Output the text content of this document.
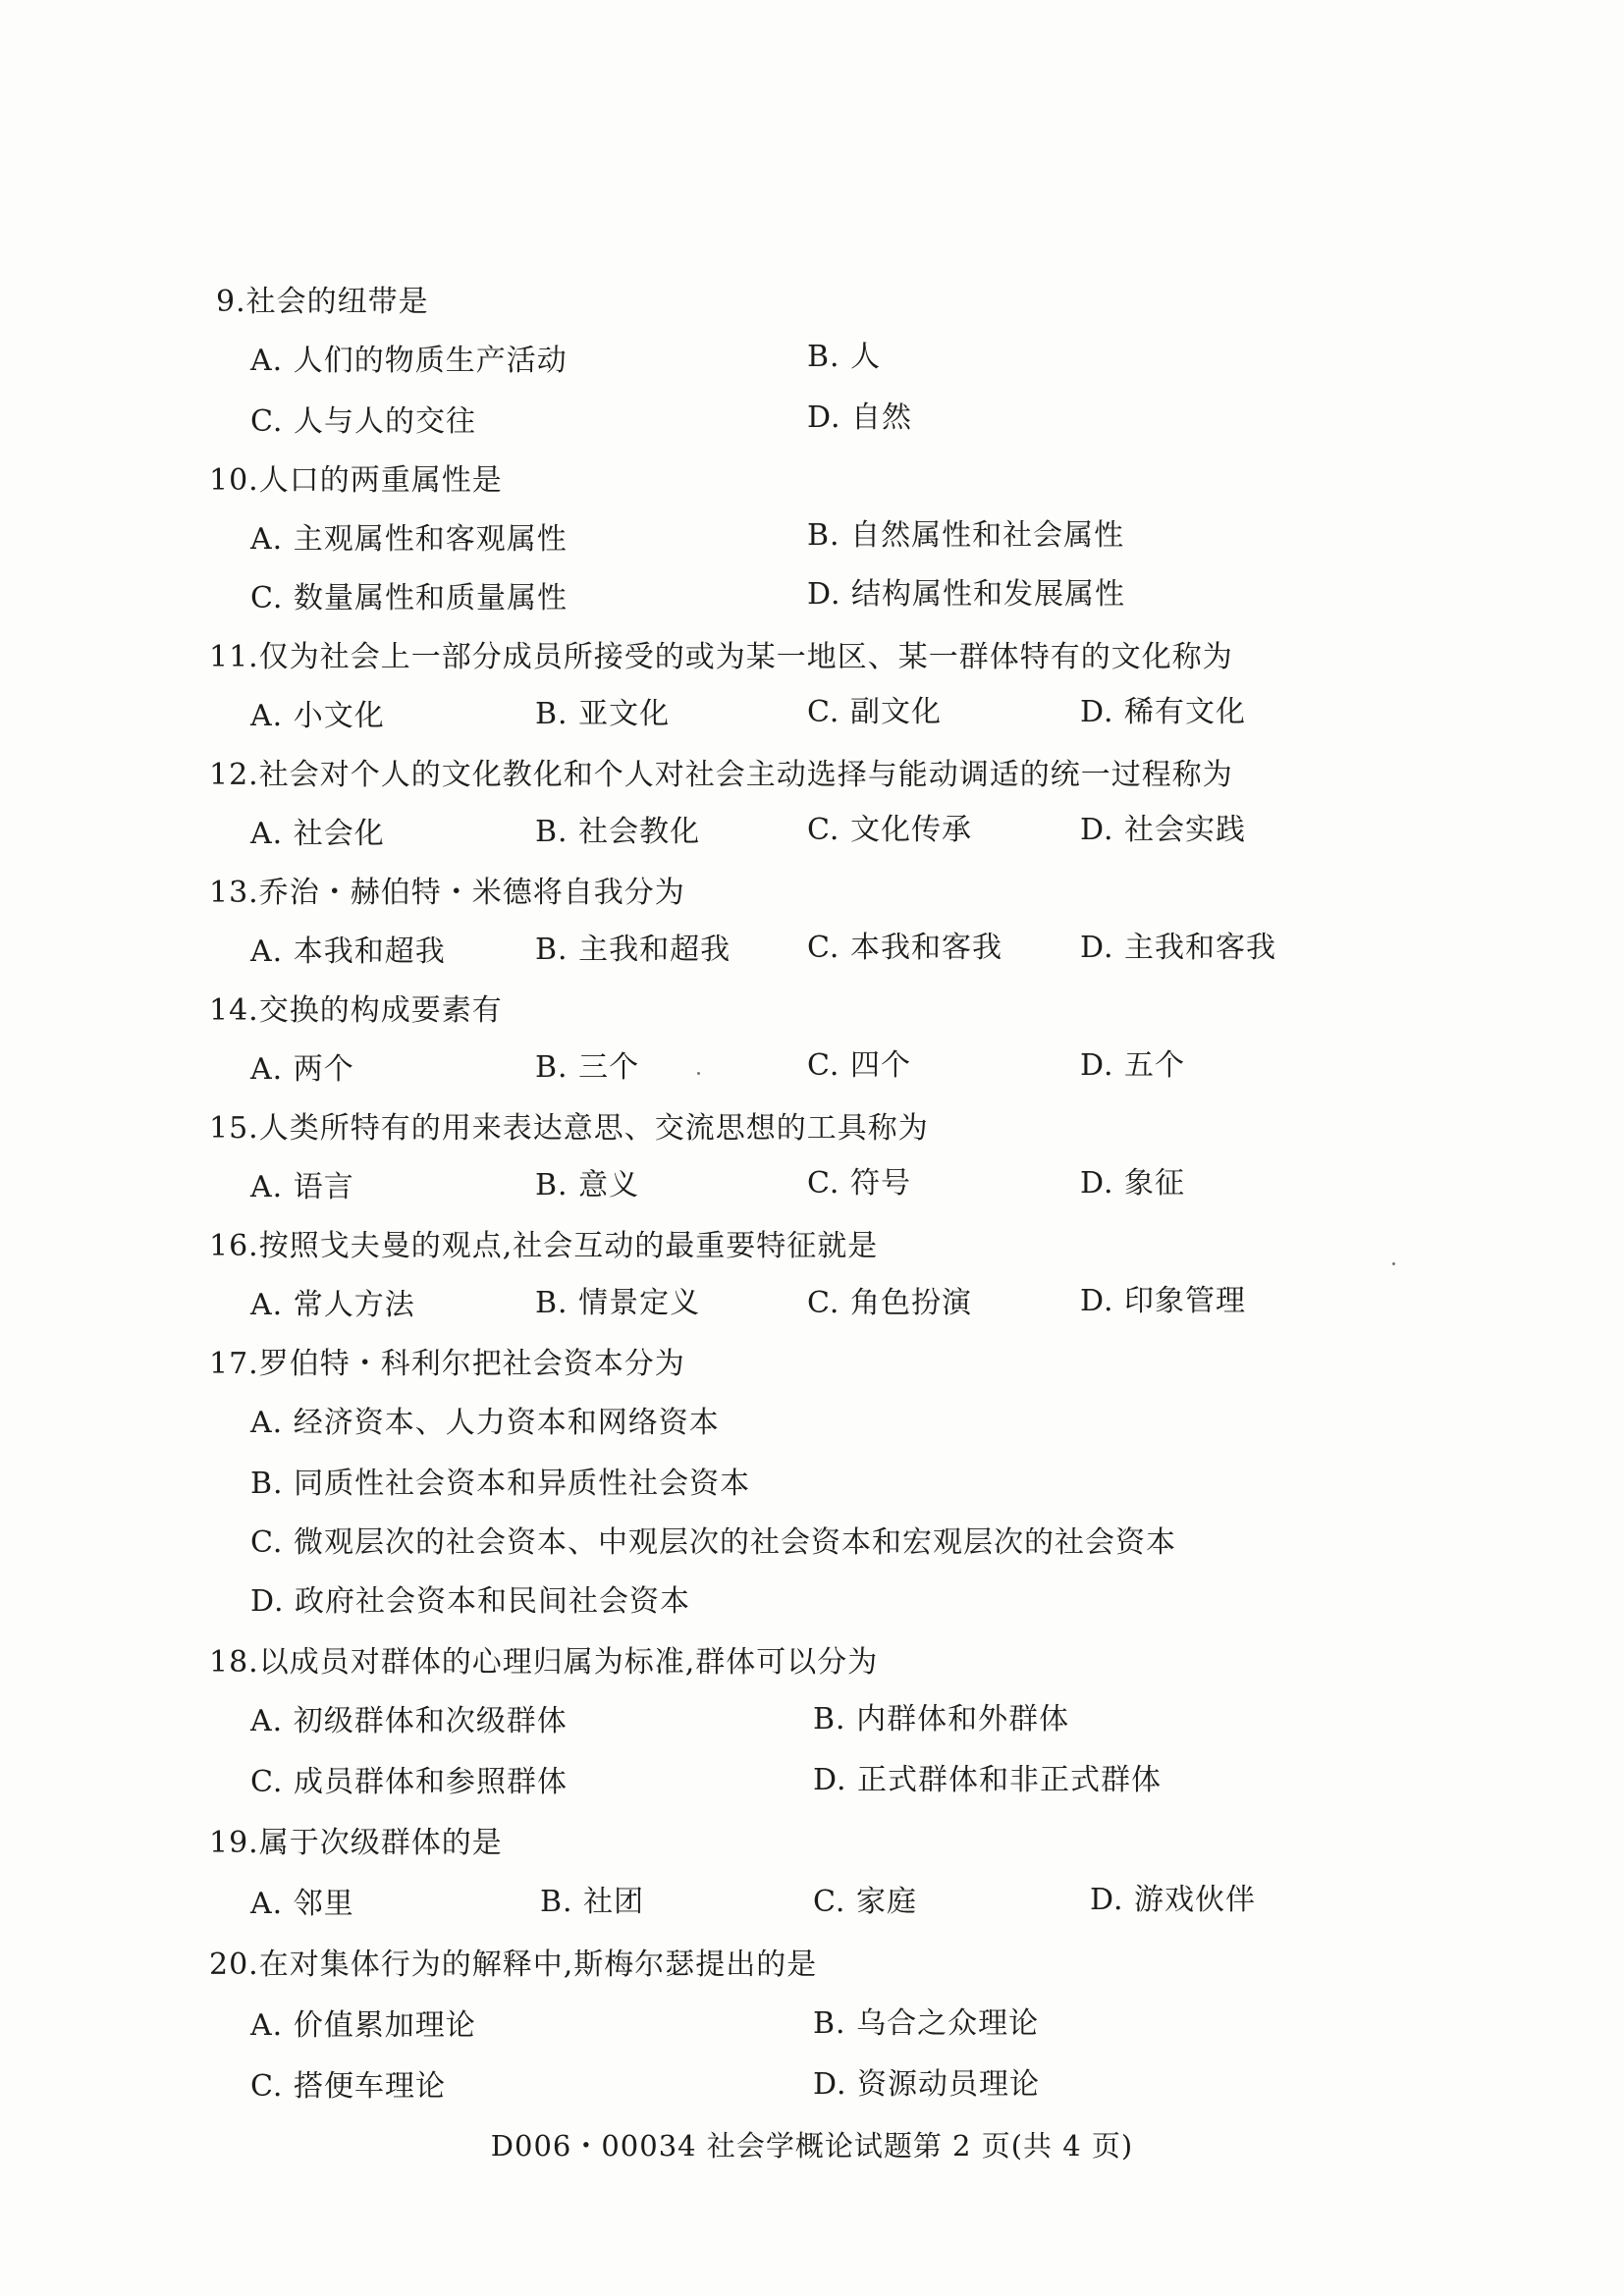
9.社会的纽带是
A. 人们的物质生产活动	B. 人
C. 人与人的交往	D. 自然
10.人口的两重属性是
A. 主观属性和客观属性	B. 自然属性和社会属性
C. 数量属性和质量属性	D. 结构属性和发展属性
11.仅为社会上一部分成员所接受的或为某一地区、某一群体特有的文化称为
A. 小文化	B. 亚文化	C. 副文化	D. 稀有文化
12.社会对个人的文化教化和个人对社会主动选择与能动调适的统一过程称为
A. 社会化	B. 社会教化	C. 文化传承	D. 社会实践
13.乔治・赫伯特・米德将自我分为
A. 本我和超我	B. 主我和超我	C. 本我和客我	D. 主我和客我
14.交换的构成要素有
A. 两个	B. 三个	C. 四个	D. 五个
15.人类所特有的用来表达意思、交流思想的工具称为
A. 语言	B. 意义	C. 符号	D. 象征
16.按照戈夫曼的观点,社会互动的最重要特征就是
A. 常人方法	B. 情景定义	C. 角色扮演	D. 印象管理
17.罗伯特・科利尔把社会资本分为
A. 经济资本、人力资本和网络资本
B. 同质性社会资本和异质性社会资本
C. 微观层次的社会资本、中观层次的社会资本和宏观层次的社会资本
D. 政府社会资本和民间社会资本
18.以成员对群体的心理归属为标准,群体可以分为
A. 初级群体和次级群体	B. 内群体和外群体
C. 成员群体和参照群体	D. 正式群体和非正式群体
19.属于次级群体的是
A. 邻里	B. 社团	C. 家庭	D. 游戏伙伴
20.在对集体行为的解释中,斯梅尔瑟提出的是
A. 价值累加理论	B. 乌合之众理论
C. 搭便车理论	D. 资源动员理论
D006・00034 社会学概论试题第 2 页(共 4 页)
